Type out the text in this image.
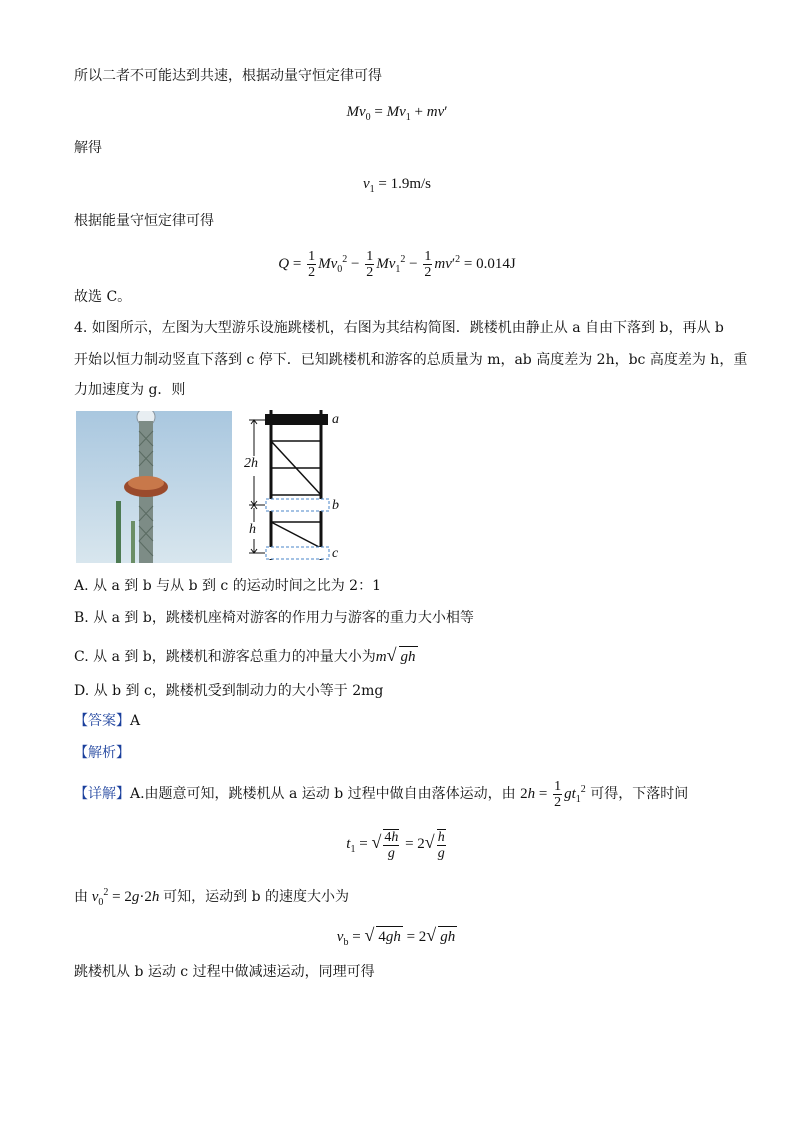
所以二者不可能达到共速，根据动量守恒定律可得
$Mv_0 = Mv_1 + mv'$
解得
$v_1 = 1.9m/s$
根据能量守恒定律可得
$Q = \frac{1}{2} Mv_0^2 - \frac{1}{2} Mv_1^2 - \frac{1}{2} mv'^2 = 0.014J$
故选 C。
4. 如图所示，左图为大型游乐设施跳楼机，右图为其结构简图．跳楼机由静止从 a 自由下落到 b，再从 b
开始以恒力制动竖直下落到 c 停下．已知跳楼机和游客的总质量为 m，ab 高度差为 2h，bc 高度差为 h，重
力加速度为 g．则
a
b
c
2h
h
A. 从 a 到 b 与从 b 到 c 的运动时间之比为 2：1
B. 从 a 到 b，跳楼机座椅对游客的作用力与游客的重力大小相等
C. 从 a 到 b，跳楼机和游客总重力的冲量大小为m√ gh
D. 从 b 到 c，跳楼机受到制动力的大小等于 2mg
【答案】A
【解析】
【详解】A.由题意可知，跳楼机从 a 运动 b 过程中做自由落体运动，由 $2h = \frac{1}{2} gt_1^2$ 可得，下落时间
$t_1$ = √ $\frac{4h}{g} = 2√ \frac{h}{g}$
由 $v_0^2 = 2g\cdot 2h$ 可知，运动到 b 的速度大小为
$v_b$ = √ 4gh = 2√ gh
跳楼机从 b 运动 c 过程中做减速运动，同理可得
